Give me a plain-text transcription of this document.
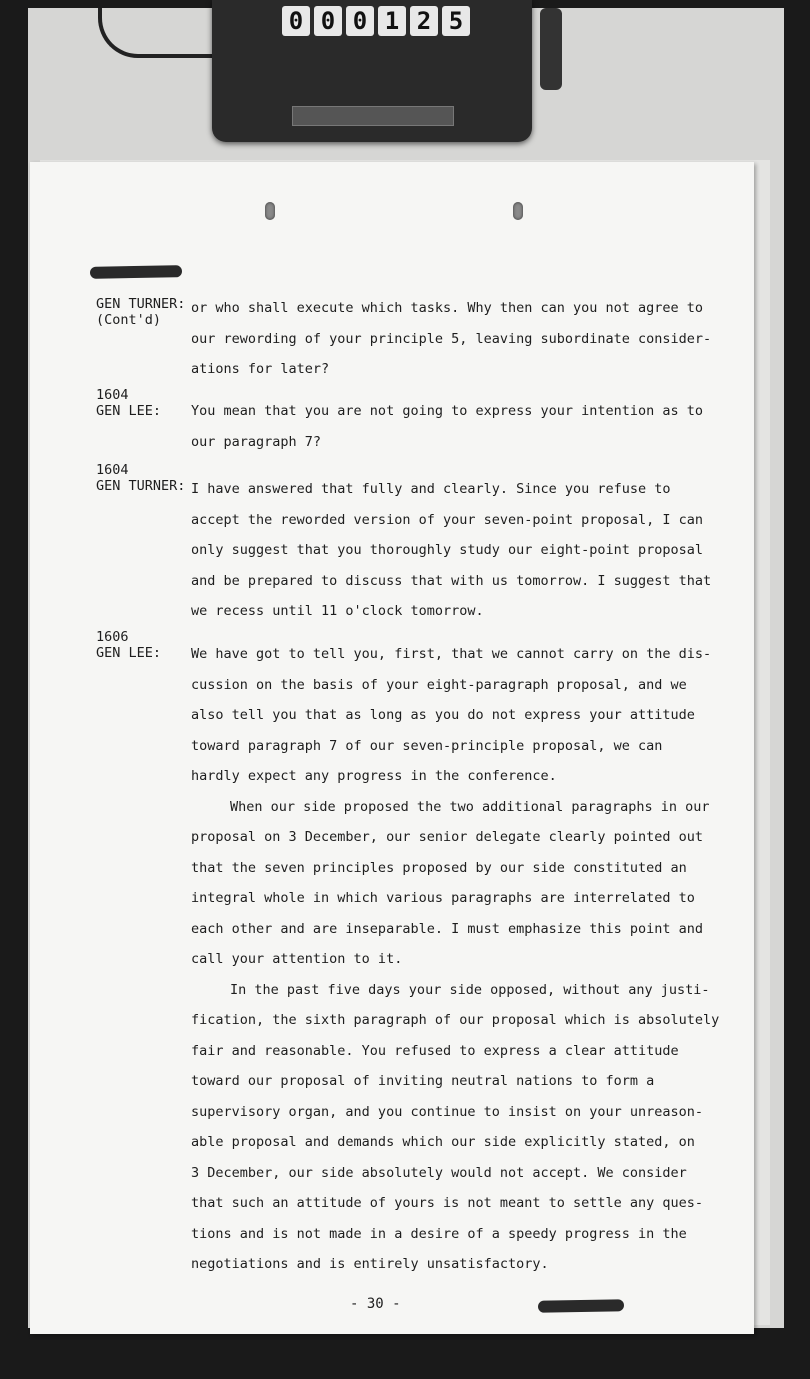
0 0 0 1 2 5
GEN TURNER:
(Cont'd)
or who shall execute which tasks. Why then can you not agree to
our rewording of your principle 5, leaving subordinate consider-
ations for later?
1604
GEN LEE: You mean that you are not going to express your intention as to
our paragraph 7?
1604
GEN TURNER: I have answered that fully and clearly. Since you refuse to
accept the reworded version of your seven-point proposal, I can
only suggest that you thoroughly study our eight-point proposal
and be prepared to discuss that with us tomorrow. I suggest that
we recess until 11 o'clock tomorrow.
1606
GEN LEE: We have got to tell you, first, that we cannot carry on the dis-
cussion on the basis of your eight-paragraph proposal, and we
also tell you that as long as you do not express your attitude
toward paragraph 7 of our seven-principle proposal, we can
hardly expect any progress in the conference.
When our side proposed the two additional paragraphs in our
proposal on 3 December, our senior delegate clearly pointed out
that the seven principles proposed by our side constituted an
integral whole in which various paragraphs are interrelated to
each other and are inseparable. I must emphasize this point and
call your attention to it.
In the past five days your side opposed, without any justi-
fication, the sixth paragraph of our proposal which is absolutely
fair and reasonable. You refused to express a clear attitude
toward our proposal of inviting neutral nations to form a
supervisory organ, and you continue to insist on your unreason-
able proposal and demands which our side explicitly stated, on
3 December, our side absolutely would not accept. We consider
that such an attitude of yours is not meant to settle any ques-
tions and is not made in a desire of a speedy progress in the
negotiations and is entirely unsatisfactory.
- 30 -
